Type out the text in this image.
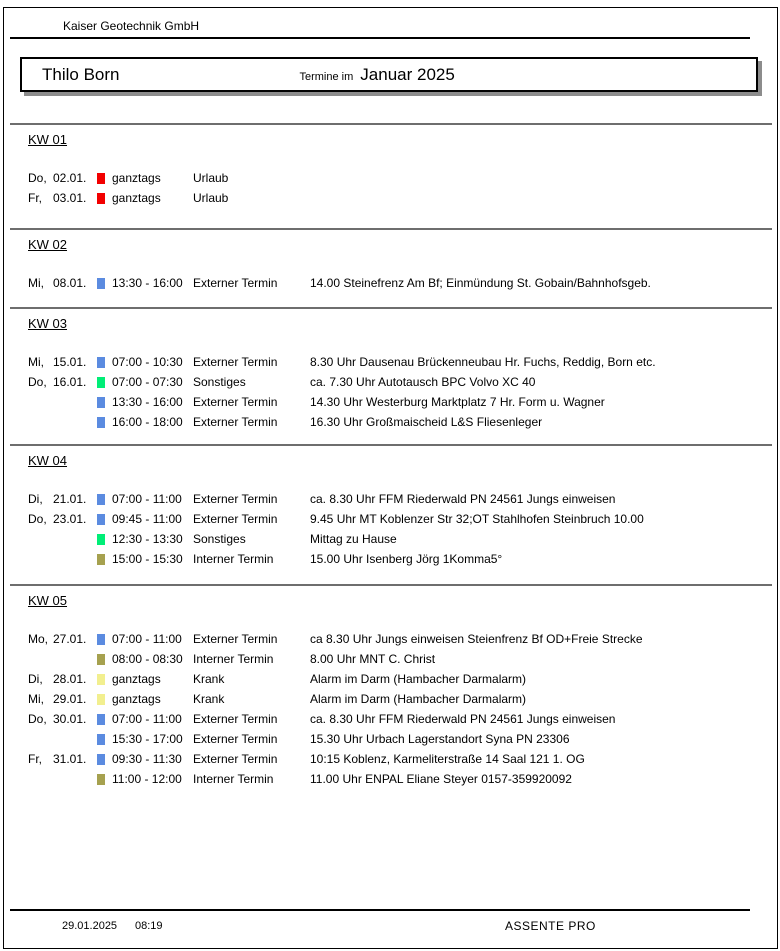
Kaiser Geotechnik GmbH
Thilo Born	Termine im Januar 2025
KW 01
Do, 02.01.	ganztags	Urlaub
Fr, 03.01.	ganztags	Urlaub
KW 02
Mi, 08.01.	13:30 - 16:00 Externer Termin	14.00 Steinefrenz Am Bf; Einmündung St. Gobain/Bahnhofsgeb.
KW 03
Mi, 15.01.	07:00 - 10:30 Externer Termin	8.30 Uhr Dausenau Brückenneubau Hr. Fuchs, Reddig, Born etc.
Do, 16.01.	07:00 - 07:30 Sonstiges	ca. 7.30 Uhr Autotausch BPC Volvo XC 40
13:30 - 16:00 Externer Termin	14.30 Uhr Westerburg Marktplatz 7 Hr. Form u. Wagner
16:00 - 18:00 Externer Termin	16.30 Uhr Großmaischeid L&S Fliesenleger
KW 04
Di, 21.01.	07:00 - 11:00 Externer Termin	ca. 8.30 Uhr FFM Riederwald PN 24561 Jungs einweisen
Do, 23.01.	09:45 - 11:00 Externer Termin	9.45 Uhr MT Koblenzer Str 32;OT Stahlhofen Steinbruch 10.00
12:30 - 13:30 Sonstiges	Mittag zu Hause
15:00 - 15:30 Interner Termin	15.00 Uhr Isenberg Jörg 1Komma5°
KW 05
Mo, 27.01.	07:00 - 11:00 Externer Termin	ca 8.30 Uhr Jungs einweisen Steienfrenz Bf OD+Freie Strecke
08:00 - 08:30 Interner Termin	8.00 Uhr MNT C. Christ
Di, 28.01.	ganztags	Krank	Alarm im Darm (Hambacher Darmalarm)
Mi, 29.01.	ganztags	Krank	Alarm im Darm (Hambacher Darmalarm)
Do, 30.01.	07:00 - 11:00 Externer Termin	ca. 8.30 Uhr FFM Riederwald PN 24561 Jungs einweisen
15:30 - 17:00 Externer Termin	15.30 Uhr Urbach Lagerstandort Syna PN 23306
Fr, 31.01.	09:30 - 11:30 Externer Termin	10:15 Koblenz, Karmeliterstraße 14 Saal 121 1. OG
11:00 - 12:00 Interner Termin	11.00 Uhr ENPAL Eliane Steyer 0157-359920092
29.01.2025 08:19	ASSENTE PRO
